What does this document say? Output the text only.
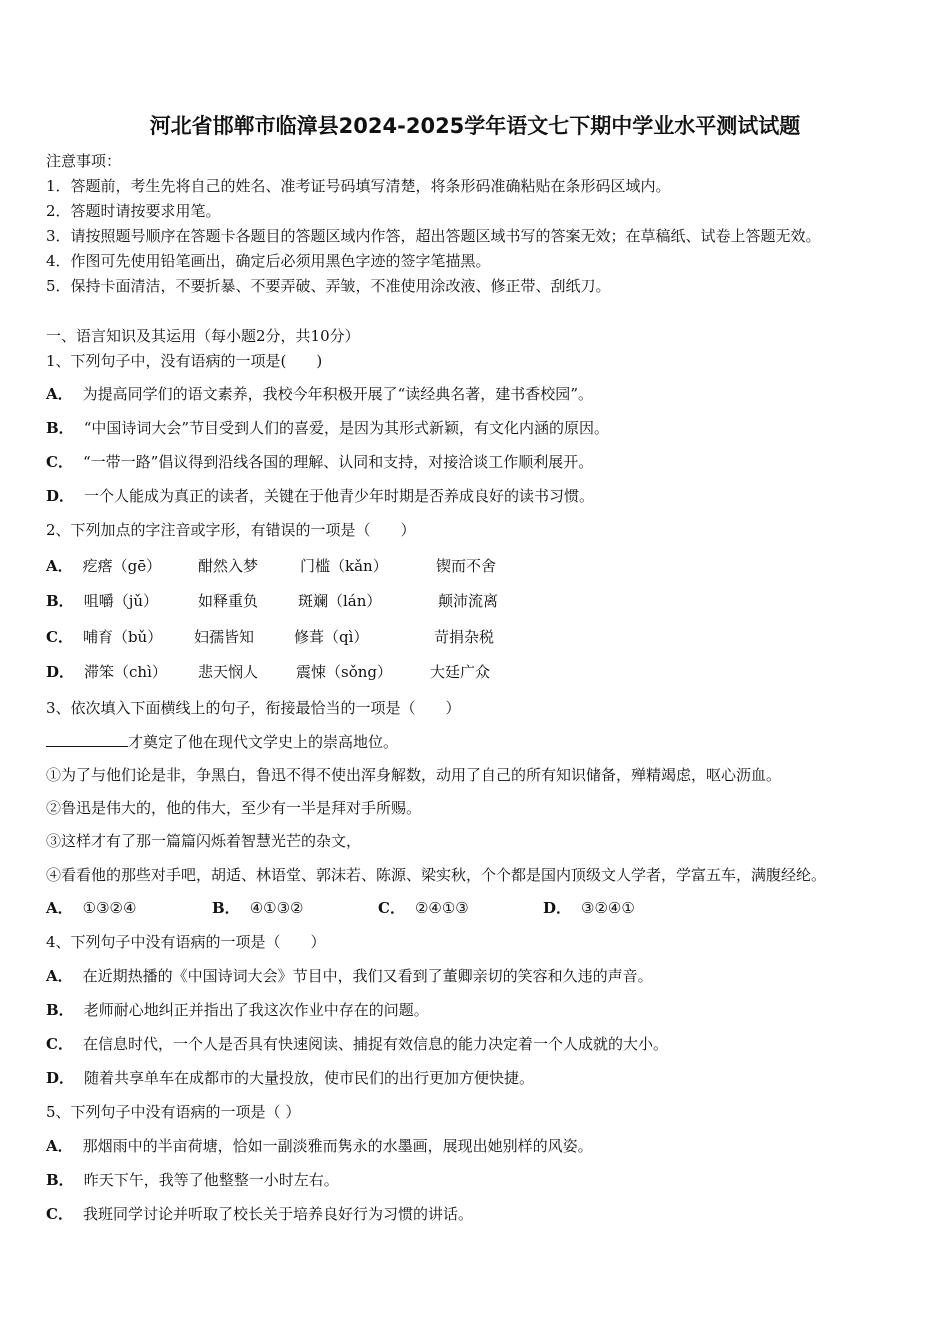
河北省邯郸市临漳县2024-2025学年语文七下期中学业水平测试试题
注意事项：
1．答题前，考生先将自己的姓名、准考证号码填写清楚，将条形码准确粘贴在条形码区域内。
2．答题时请按要求用笔。
3．请按照题号顺序在答题卡各题目的答题区域内作答，超出答题区域书写的答案无效；在草稿纸、试卷上答题无效。
4．作图可先使用铅笔画出，确定后必须用黑色字迹的签字笔描黑。
5．保持卡面清洁，不要折暴、不要弄破、弄皱，不准使用涂改液、修正带、刮纸刀。
一、语言知识及其运用（每小题2分，共10分）
1、下列句子中，没有语病的一项是(　　)
A． 为提高同学们的语文素养，我校今年积极开展了“读经典名著，建书香校园”。
B． “中国诗词大会”节目受到人们的喜爱，是因为其形式新颖，有文化内涵的原因。
C． “一带一路”倡议得到沿线各国的理解、认同和支持，对接洽谈工作顺利展开。
D． 一个人能成为真正的读者，关键在于他青少年时期是否养成良好的读书习惯。
2、下列加点的字注音或字形，有错误的一项是（　　）
A． 疙瘩（gē） 酣然入梦	门槛（kǎn）	锲而不舍
B． 咀嚼（jǔ）	如释重负	斑斓（lán）	颠沛流离
C． 哺育（bǔ） 妇孺皆知	修葺（qì）	苛捐杂税
D． 滞笨（chì） 悲天悯人	震悚（sǒng）	大廷广众
3、依次填入下面横线上的句子，衔接最恰当的一项是（　　）
才奠定了他在现代文学史上的崇高地位。
①为了与他们论是非，争黑白，鲁迅不得不使出浑身解数，动用了自己的所有知识储备，殚精竭虑，呕心沥血。
②鲁迅是伟大的，他的伟大，至少有一半是拜对手所赐。
③这样才有了那一篇篇闪烁着智慧光芒的杂文，
④看看他的那些对手吧，胡适、林语堂、郭沫若、陈源、梁实秋，个个都是国内顶级文人学者，学富五车，满腹经纶。
A． ①③②④	B． ④①③②	C． ②④①③	D． ③②④①
4、下列句子中没有语病的一项是（　　）
A． 在近期热播的《中国诗词大会》节目中，我们又看到了董卿亲切的笑容和久违的声音。
B． 老师耐心地纠正并指出了我这次作业中存在的问题。
C． 在信息时代，一个人是否具有快速阅读、捕捉有效信息的能力决定着一个人成就的大小。
D． 随着共享单车在成都市的大量投放，使市民们的出行更加方便快捷。
5、下列句子中没有语病的一项是（ ）
A． 那烟雨中的半亩荷塘，恰如一副淡雅而隽永的水墨画，展现出她别样的风姿。
B． 昨天下午，我等了他整整一小时左右。
C． 我班同学讨论并听取了校长关于培养良好行为习惯的讲话。
